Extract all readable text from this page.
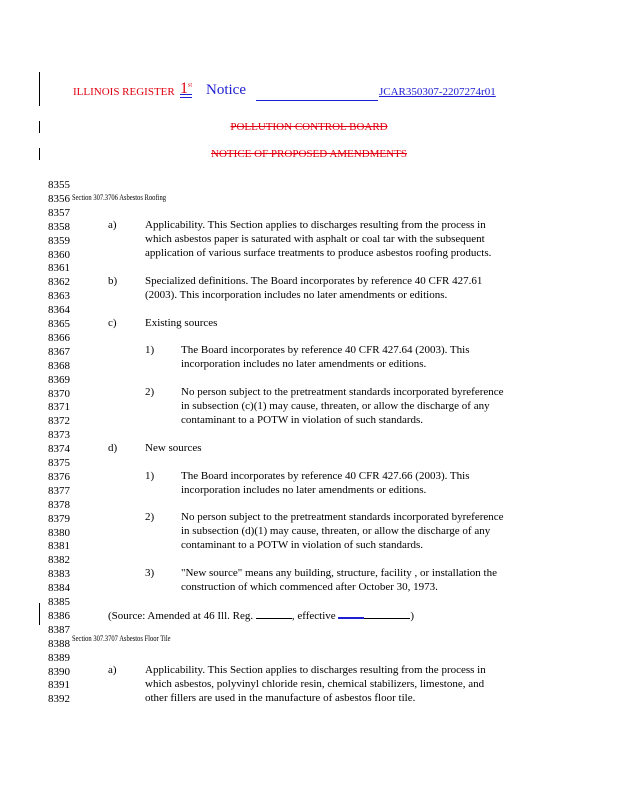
ILLINOIS REGISTER 1st Notice	JCAR350307-2207274r01
POLLUTION CONTROL BOARD
NOTICE OF PROPOSED AMENDMENTS
8355
8356
8357
8358
8359
8360
8361
8362
8363
8364
8365
8366
8367
8368
8369
8370
8371
8372
8373
8374
8375
8376
8377
8378
8379
8380
8381
8382
8383
8384
8385
8386
8387
8388
8389
8390
8391
8392
Section 307.3706 Asbestos Roofing
Section 307.3707 Asbestos Floor Tile
a)	Applicability. This Section applies to discharges resulting from the process in
which asbestos paper is saturated with asphalt or coal tar with the subsequent
application of various surface treatments to produce asbestos roofing products.
b)	Specialized definitions. The Board incorporates by reference 40 CFR 427.61
(2003). This incorporation includes no later amendments or editions.
c)	Existing sources
1) The Board incorporates by reference 40 CFR 427.64 (2003). This
incorporation includes no later amendments or editions.
2) No person subject to the pretreatment standards incorporated byreference
in subsection (c)(1) may cause, threaten, or allow the discharge of any
contaminant to a POTW in violation of such standards.
d)	New sources
1) The Board incorporates by reference 40 CFR 427.66 (2003). This
incorporation includes no later amendments or editions.
2) No person subject to the pretreatment standards incorporated byreference
in subsection (d)(1) may cause, threaten, or allow the discharge of any
contaminant to a POTW in violation of such standards.
3) "New source" means any building, structure, facility , or installation the
construction of which commenced after October 30, 1973.
(Source: Amended at 46 Ill. Reg.	, effective	)
a)	Applicability. This Section applies to discharges resulting from the process in
which asbestos, polyvinyl chloride resin, chemical stabilizers, limestone, and
other fillers are used in the manufacture of asbestos floor tile.
